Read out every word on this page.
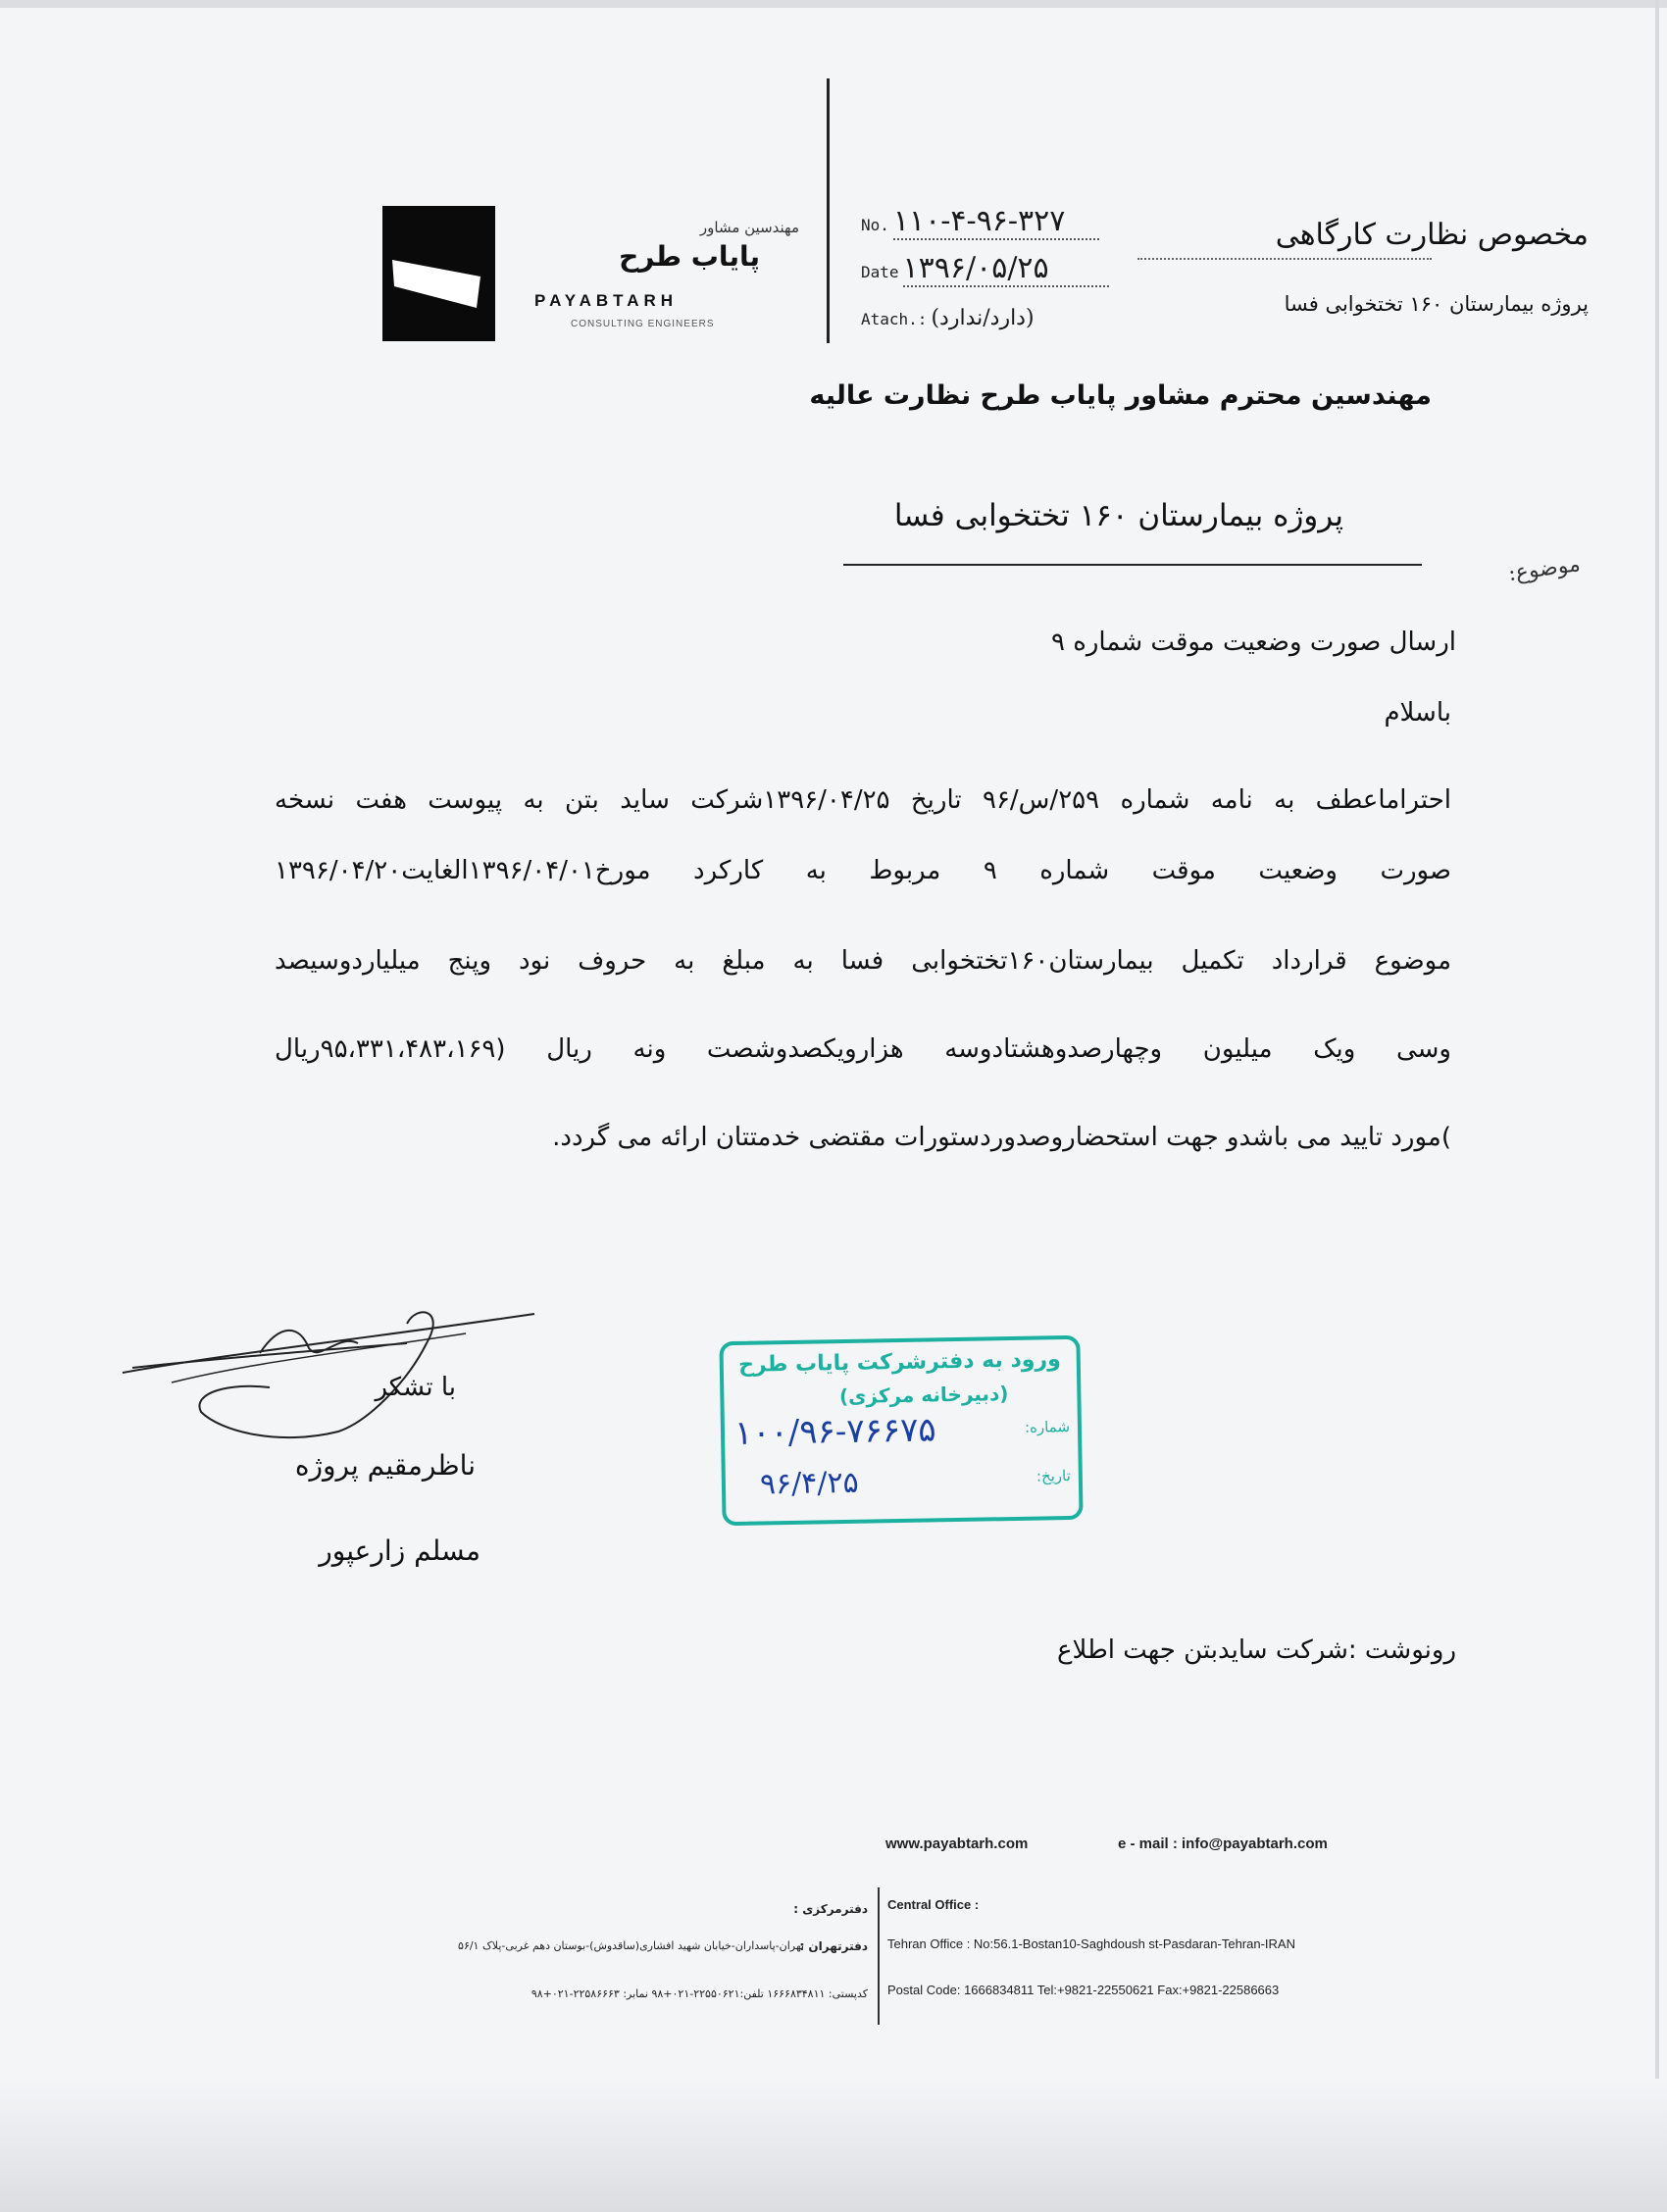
مهندسین مشاور
پایاب طرح
PAYABTARH
CONSULTING ENGINEERS
No. ۱۱۰-۴-۹۶-۳۲۷
Date ۱۳۹۶/۰۵/۲۵
Atach.: (دارد/ندارد)
مخصوص نظارت کارگاهی
پروژه بیمارستان ۱۶۰ تختخوابی فسا
مهندسین محترم مشاور پایاب طرح نظارت عالیه
پروژه بیمارستان ۱۶۰ تختخوابی فسا
موضوع:
ارسال صورت وضعیت موقت شماره ۹
باسلام
احتراماعطف به نامه شماره ۲۵۹/س/۹۶ تاریخ ۱۳۹۶/۰۴/۲۵شرکت ساید بتن به پیوست هفت نسخه
صورت وضعیت موقت شماره ۹ مربوط به کارکرد مورخ۱۳۹۶/۰۴/۰۱الغایت۱۳۹۶/۰۴/۲۰
موضوع قرارداد تکمیل بیمارستان۱۶۰تختخوابی فسا به مبلغ به حروف نود وپنج میلیاردوسیصد
وسی ویک میلیون وچهارصدوهشتادوسه هزارویکصدوشصت ونه ریال (۹۵،۳۳۱،۴۸۳،۱۶۹ریال
)مورد تایید می باشدو جهت استحضاروصدوردستورات مقتضی خدمتتان ارائه می گردد.
با تشکر
ناظرمقیم پروژه
مسلم زارعپور
ورود به دفترشرکت پایاب طرح
(دبیرخانه مرکزی)
شماره:
۱۰۰/۹۶-۷۶۶۷۵
تاریخ:
۹۶/۴/۲۵
رونوشت :شرکت سایدبتن جهت اطلاع
www.payabtarh.com	e - mail : info@payabtarh.com
دفترمرکزی :
دفترتهران :
تهران-پاسداران-خیابان شهید افشاری(ساقدوش)-بوستان دهم غربی-پلاک ۵۶/۱
کدپستی: ۱۶۶۶۸۳۴۸۱۱ تلفن:۲۲۵۵۰۶۲۱-۰۲۱+۹۸ نمابر: ۲۲۵۸۶۶۶۳-۰۲۱+۹۸
Central Office :
Tehran Office : No:56.1-Bostan10-Saghdoush st-Pasdaran-Tehran-IRAN
Postal Code: 1666834811 Tel:+9821-22550621 Fax:+9821-22586663
